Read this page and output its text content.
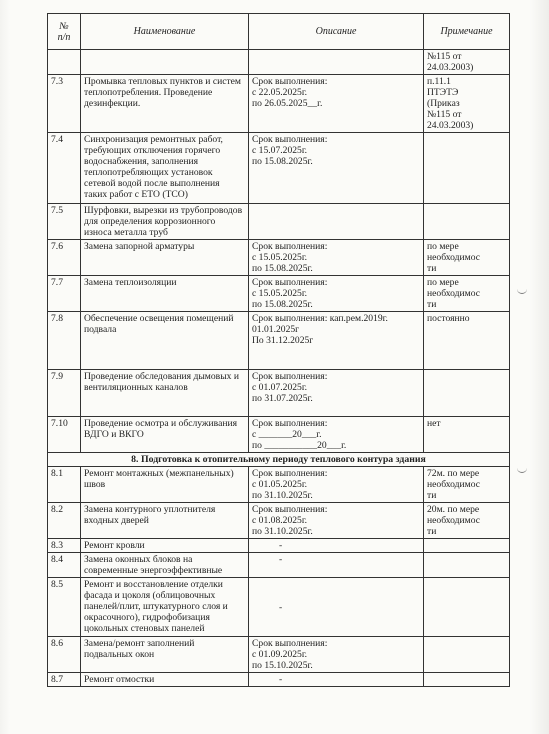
№
п/п	Наименование	Описание	Примечание
			№115 от
24.03.2003)
7.3	Промывка тепловых пунктов и систем теплопотребления. Проведение дезинфекции.	Срок выполнения:
с 22.05.2025г.
по 26.05.2025__г.	п.11.1
ПТЭТЭ
(Приказ
№115 от
24.03.2003)
7.4	Синхронизация ремонтных работ, требующих отключения горячего водоснабжения, заполнения теплопотребляющих установок сетевой водой после выполнения таких работ с ЕТО (ТСО)	Срок выполнения:
с 15.07.2025г.
по 15.08.2025г.	
7.5	Шурфовки, вырезки из трубопроводов для определения коррозионного износа металла труб		
7.6	Замена запорной арматуры	Срок выполнения:
с 15.05.2025г.
по 15.08.2025г.	по мере
необходимос
ти
7.7	Замена теплоизоляции	Срок выполнения:
с 15.05.2025г.
по 15.08.2025г.	по мере
необходимос
ти
7.8	Обеспечение освещения помещений подвала	Срок выполнения: кап.рем.2019г.
01.01.2025г
По 31.12.2025г	постоянно
7.9	Проведение обследования дымовых и вентиляционных каналов	Срок выполнения:
с 01.07.2025г.
по 31.07.2025г.	
7.10	Проведение осмотра и обслуживания ВДГО и ВКГО	Срок выполнения:
с _______20___г.
по ___________20___г.	нет
8. Подготовка к отопительному периоду теплового контура здания			
8.1	Ремонт монтажных (межпанельных) швов	Срок выполнения:
с 01.05.2025г.
по 31.10.2025г.	72м. по мере
необходимос
ти
8.2	Замена контурного уплотнителя входных дверей	Срок выполнения:
с 01.08.2025г.
по 31.10.2025г.	20м. по мере
необходимос
ти
8.3	Ремонт кровли	-	
8.4	Замена оконных блоков на современные энергоэффективные	-	
8.5	Ремонт и восстановление отделки фасада и цоколя (облицовочных панелей/плит, штукатурного слоя и окрасочного), гидрофобизация цокольных стеновых панелей	-	
8.6	Замена/ремонт заполнений подвальных окон	Срок выполнения:
с 01.09.2025г.
по 15.10.2025г.	
8.7	Ремонт отмостки	-	
